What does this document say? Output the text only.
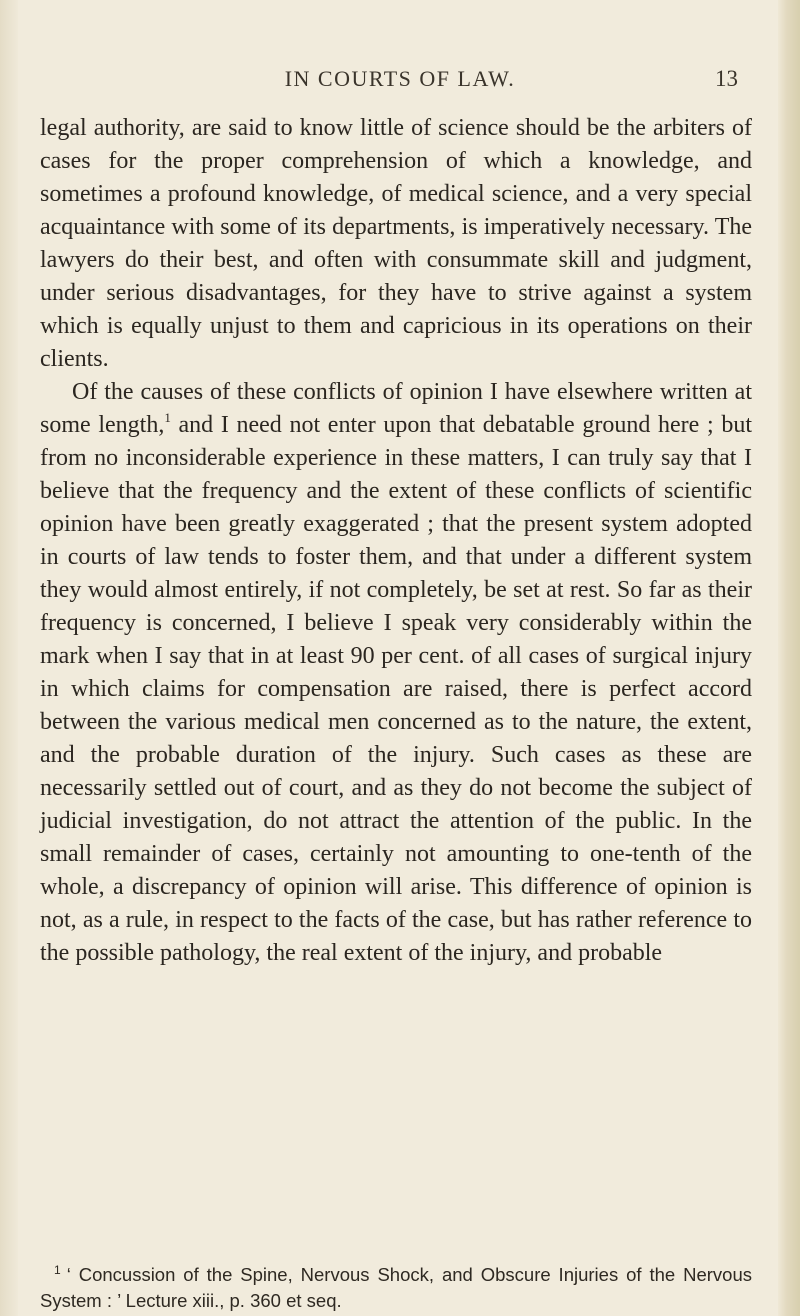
IN COURTS OF LAW.	13

legal authority, are said to know little of science should be the arbiters of cases for the proper comprehension of which a knowledge, and sometimes a profound knowledge, of medical science, and a very special acquaintance with some of its departments, is imperatively necessary. The lawyers do their best, and often with consummate skill and judgment, under serious disadvantages, for they have to strive against a system which is equally unjust to them and capricious in its operations on their clients.

Of the causes of these conflicts of opinion I have elsewhere written at some length,$^1$ and I need not enter upon that debatable ground here ; but from no inconsiderable experience in these matters, I can truly say that I believe that the frequency and the extent of these conflicts of scientific opinion have been greatly exaggerated ; that the present system adopted in courts of law tends to foster them, and that under a different system they would almost entirely, if not completely, be set at rest. So far as their frequency is concerned, I believe I speak very considerably within the mark when I say that in at least 90 per cent. of all cases of surgical injury in which claims for compensation are raised, there is perfect accord between the various medical men concerned as to the nature, the extent, and the probable duration of the injury. Such cases as these are necessarily settled out of court, and as they do not become the subject of judicial investigation, do not attract the attention of the public. In the small remainder of cases, certainly not amounting to one-tenth of the whole, a discrepancy of opinion will arise. This difference of opinion is not, as a rule, in respect to the facts of the case, but has rather reference to the possible pathology, the real extent of the injury, and probable

$^1$ ‘ Concussion of the Spine, Nervous Shock, and Obscure Injuries of the Nervous System : ’ Lecture xiii., p. 360 et seq.
